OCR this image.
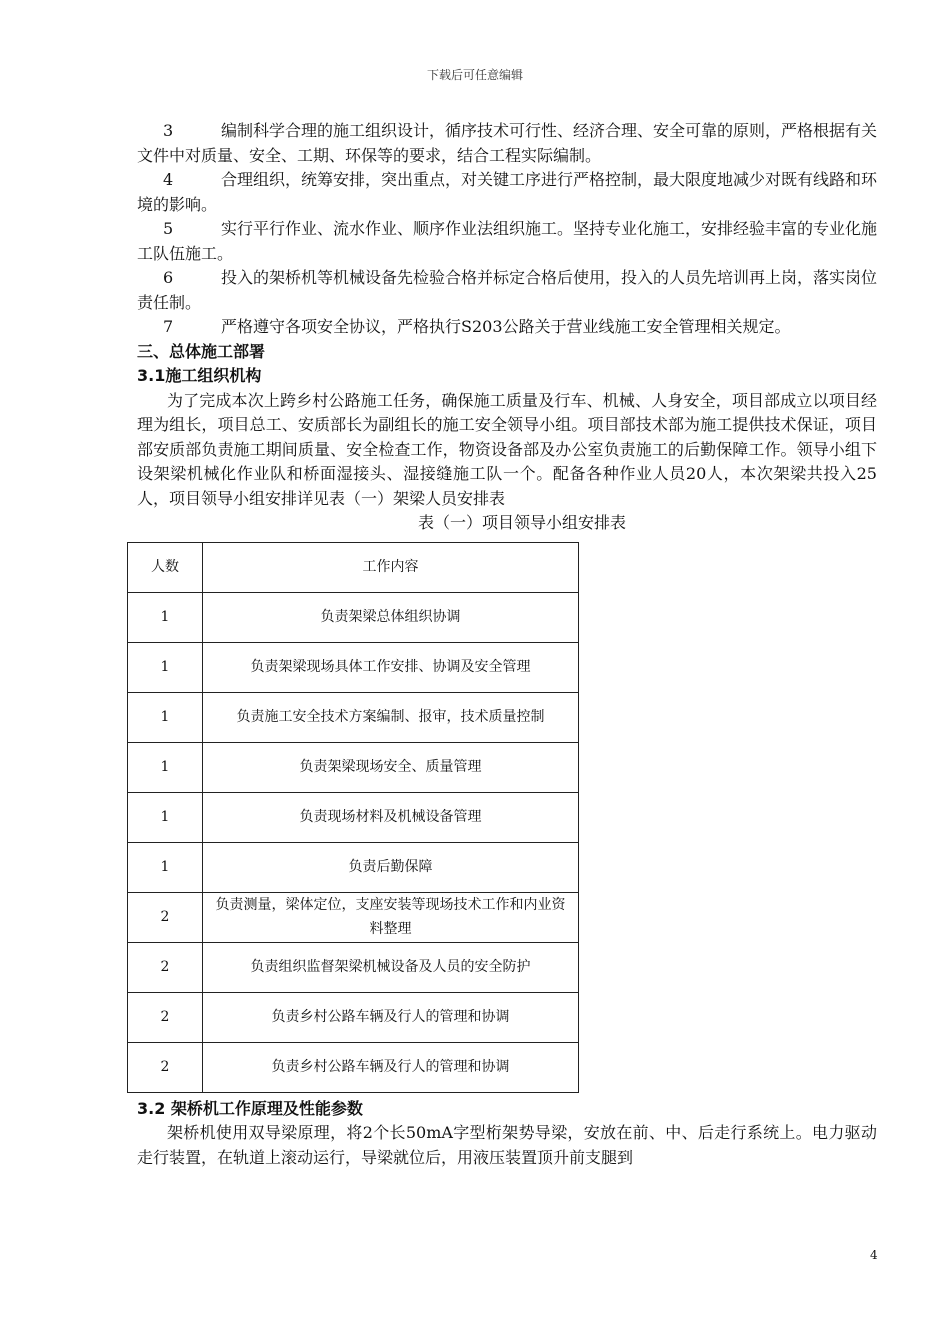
下载后可任意编辑

3	编制科学合理的施工组织设计，循序技术可行性、经济合理、安全可靠的原则，严格根据有关文件中对质量、安全、工期、环保等的要求，结合工程实际编制。

4	合理组织，统筹安排，突出重点，对关键工序进行严格控制，最大限度地减少对既有线路和环境的影响。

5	实行平行作业、流水作业、顺序作业法组织施工。坚持专业化施工，安排经验丰富的专业化施工队伍施工。

6	投入的架桥机等机械设备先检验合格并标定合格后使用，投入的人员先培训再上岗，落实岗位责任制。

7	严格遵守各项安全协议，严格执行S203公路关于营业线施工安全管理相关规定。

三、总体施工部署

3.1施工组织机构

为了完成本次上跨乡村公路施工任务，确保施工质量及行车、机械、人身安全，项目部成立以项目经理为组长，项目总工、安质部长为副组长的施工安全领导小组。项目部技术部为施工提供技术保证，项目部安质部负责施工期间质量、安全检查工作，物资设备部及办公室负责施工的后勤保障工作。领导小组下设架梁机械化作业队和桥面湿接头、湿接缝施工队一个。配备各种作业人员20人，本次架梁共投入25人，项目领导小组安排详见表（一）架梁人员安排表

表（一）项目领导小组安排表

人数	工作内容
1	负责架梁总体组织协调
1	负责架梁现场具体工作安排、协调及安全管理
1	负责施工安全技术方案编制、报审，技术质量控制
1	负责架梁现场安全、质量管理
1	负责现场材料及机械设备管理
1	负责后勤保障
2	负责测量，梁体定位，支座安装等现场技术工作和内业资料整理
2	负责组织监督架梁机械设备及人员的安全防护
2	负责乡村公路车辆及行人的管理和协调
2	负责乡村公路车辆及行人的管理和协调

3.2 架桥机工作原理及性能参数

架桥机使用双导梁原理，将2个长50mA字型桁架势导梁，安放在前、中、后走行系统上。电力驱动走行装置，在轨道上滚动运行，导梁就位后，用液压装置顶升前支腿到

4
